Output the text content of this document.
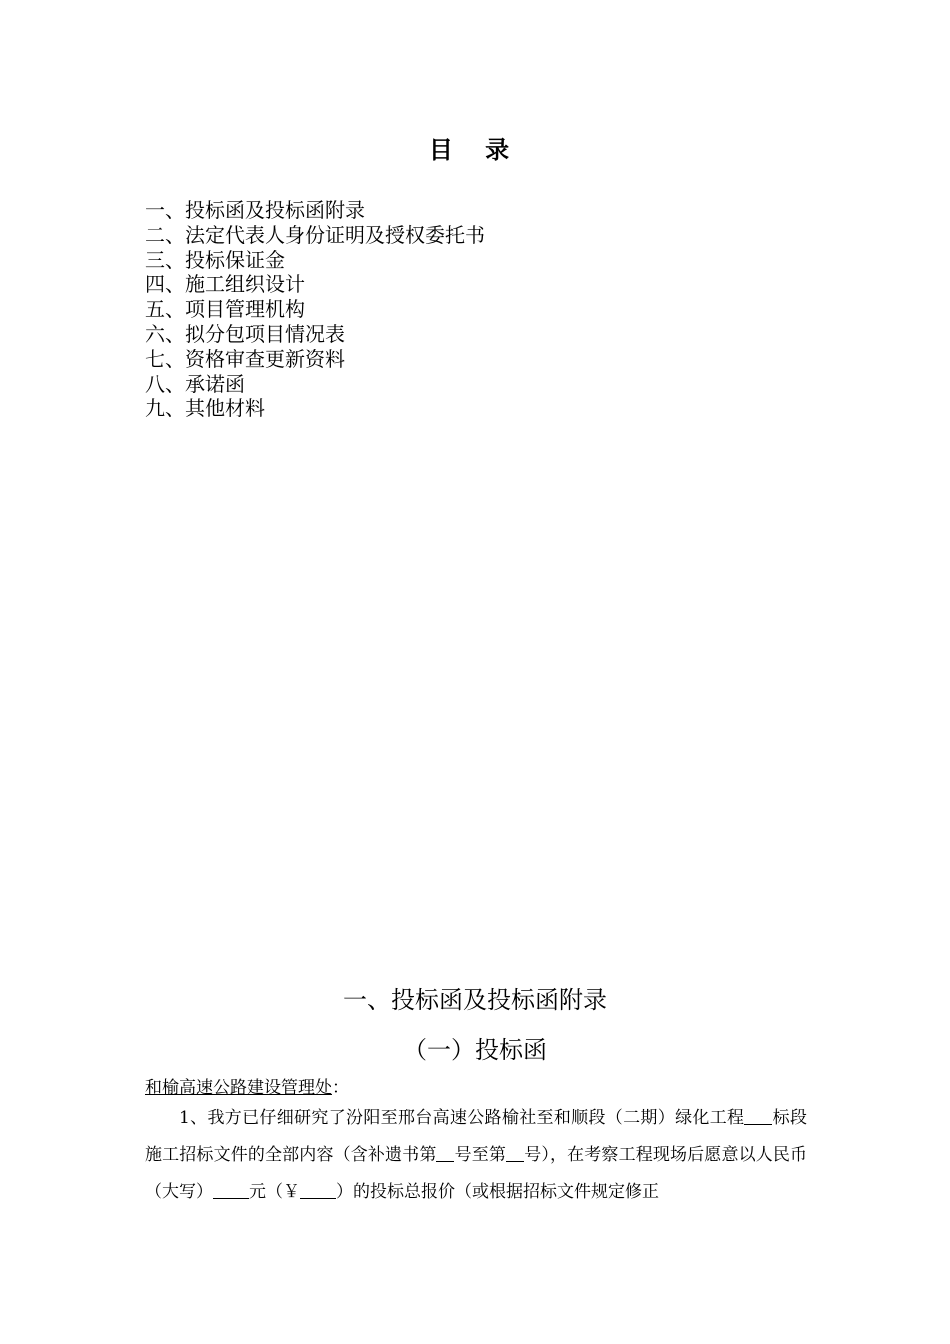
目 录
一、投标函及投标函附录
二、法定代表人身份证明及授权委托书
三、投标保证金
四、施工组织设计
五、项目管理机构
六、拟分包项目情况表
七、资格审查更新资料
八、承诺函
九、其他材料
一、投标函及投标函附录
（一）投标函

和榆高速公路建设管理处：

1、我方已仔细研究了汾阳至邢台高速公路榆社至和顺段（二期）绿化工程 标段施工招标文件的全部内容（含补遗书第 号至第 号），在考察工程现场后愿意以人民币（大写） 元（￥ ）的投标总报价（或根据招标文件规定修正
